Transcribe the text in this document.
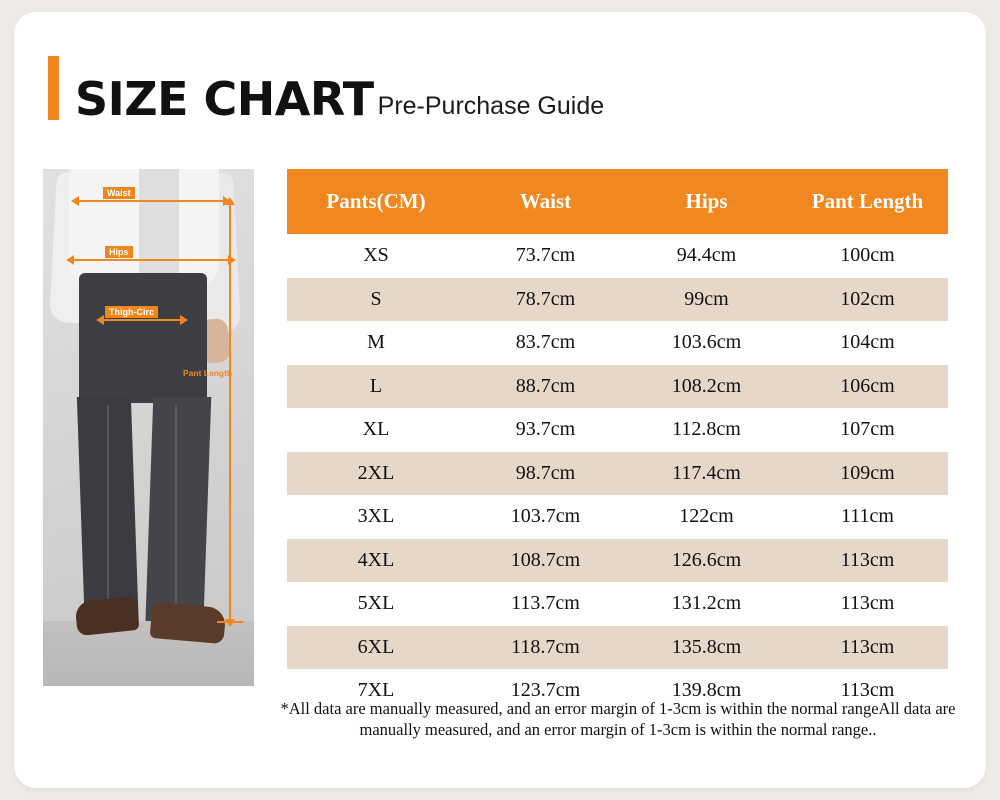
SIZE CHART Pre-Purchase Guide
Waist
Hips
Thigh-Circ
Pant Length
Pants(CM)	Waist	Hips	Pant Length
XS	73.7cm	94.4cm	100cm
S	78.7cm	99cm	102cm
M	83.7cm	103.6cm	104cm
L	88.7cm	108.2cm	106cm
XL	93.7cm	112.8cm	107cm
2XL	98.7cm	117.4cm	109cm
3XL	103.7cm	122cm	111cm
4XL	108.7cm	126.6cm	113cm
5XL	113.7cm	131.2cm	113cm
6XL	118.7cm	135.8cm	113cm
7XL	123.7cm	139.8cm	113cm
*All data are manually measured, and an error margin of 1-3cm is within the normal rangeAll data are manually measured, and an error margin of 1-3cm is within the normal range..
